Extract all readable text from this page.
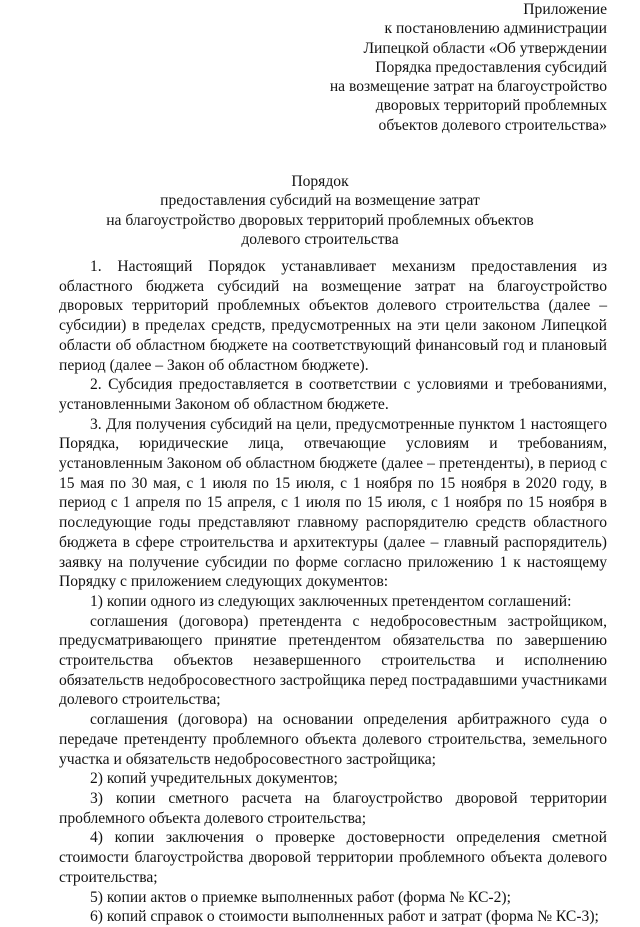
Приложение
к постановлению администрации
Липецкой области «Об утверждении
Порядка предоставления субсидий
на возмещение затрат на благоустройство
дворовых территорий проблемных
объектов долевого строительства»
Порядок
предоставления субсидий на возмещение затрат
на благоустройство дворовых территорий проблемных объектов
долевого строительства

1. Настоящий Порядок устанавливает механизм предоставления из областного бюджета субсидий на возмещение затрат на благоустройство дворовых территорий проблемных объектов долевого строительства (далее – субсидии) в пределах средств, предусмотренных на эти цели законом Липецкой области об областном бюджете на соответствующий финансовый год и плановый период (далее – Закон об областном бюджете).

2. Субсидия предоставляется в соответствии с условиями и требованиями, установленными Законом об областном бюджете.

3. Для получения субсидий на цели, предусмотренные пунктом 1 настоящего Порядка, юридические лица, отвечающие условиям и требованиям, установленным Законом об областном бюджете (далее – претенденты), в период с 15 мая по 30 мая, с 1 июля по 15 июля, с 1 ноября по 15 ноября в 2020 году, в период с 1 апреля по 15 апреля, с 1 июля по 15 июля, с 1 ноября по 15 ноября в последующие годы представляют главному распорядителю средств областного бюджета в сфере строительства и архитектуры (далее – главный распорядитель) заявку на получение субсидии по форме согласно приложению 1 к настоящему Порядку с приложением следующих документов:

1) копии одного из следующих заключенных претендентом соглашений:

соглашения (договора) претендента с недобросовестным застройщиком, предусматривающего принятие претендентом обязательства по завершению строительства объектов незавершенного строительства и исполнению обязательств недобросовестного застройщика перед пострадавшими участниками долевого строительства;

соглашения (договора) на основании определения арбитражного суда о передаче претенденту проблемного объекта долевого строительства, земельного участка и обязательств недобросовестного застройщика;

2) копий учредительных документов;

3) копии сметного расчета на благоустройство дворовой территории проблемного объекта долевого строительства;

4) копии заключения о проверке достоверности определения сметной стоимости благоустройства дворовой территории проблемного объекта долевого строительства;

5) копии актов о приемке выполненных работ (форма № КС-2);

6) копий справок о стоимости выполненных работ и затрат (форма № КС-3);
